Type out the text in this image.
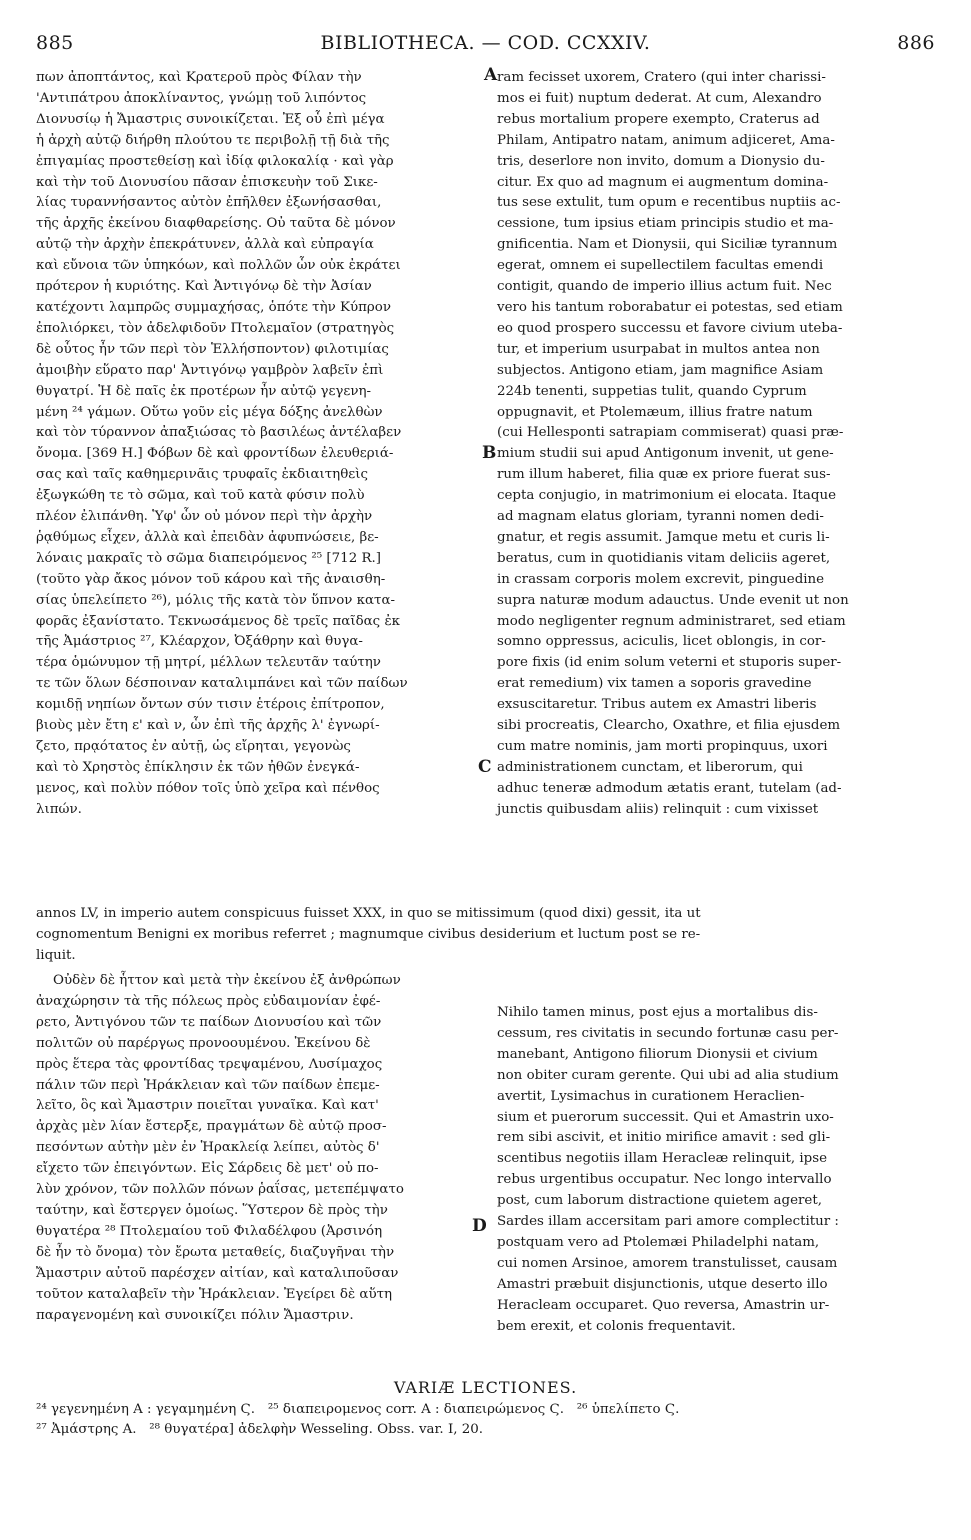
885	BIBLIOTHECA. — COD. CCXXIV.	886
πων ἀποπτάντος, καὶ Κρατεροῦ πρὸς Φίλαν τὴν
'Αντιπάτρου ἀποκλίναντος, γνώμῃ τοῦ λιπόντος
Διονυσίῳ ἡ Ἄμαστρις συνοικίζεται. Ἐξ οὗ ἐπὶ μέγα
ἡ ἀρχὴ αὐτῷ διήρθη πλούτου τε περιβολῇ τῇ διὰ τῆς
ἐπιγαμίας προστεθείσῃ καὶ ἰδίᾳ φιλοκαλίᾳ · καὶ γὰρ
καὶ τὴν τοῦ Διονυσίου πᾶσαν ἐπισκευὴν τοῦ Σικε-
λίας τυραννήσαντος αὐτὸν ἐπῆλθεν ἐξωνήσασθαι,
τῆς ἀρχῆς ἐκείνου διαφθαρείσης. Οὐ ταῦτα δὲ μόνον
αὐτῷ τὴν ἀρχὴν ἐπεκράτυνεν, ἀλλὰ καὶ εὐπραγία
καὶ εὔνοια τῶν ὑπηκόων, καὶ πολλῶν ὧν οὐκ ἐκράτει
πρότερον ἡ κυριότης. Καὶ Ἀντιγόνῳ δὲ τὴν Ἀσίαν
κατέχοντι λαμπρῶς συμμαχήσας, ὁπότε τὴν Κύπρον
ἐπολιόρκει, τὸν ἀδελφιδοῦν Πτολεμαῖον (στρατηγὸς
δὲ οὗτος ἦν τῶν περὶ τὸν Ἑλλήσποντον) φιλοτιμίας
ἀμοιβὴν εὕρατο παρ' Ἀντιγόνῳ γαμβρὸν λαβεῖν ἐπὶ
θυγατρί. Ἡ δὲ παῖς ἐκ προτέρων ἦν αὐτῷ γεγενη-
μένη ²⁴ γάμων. Οὕτω γοῦν εἰς μέγα δόξης ἀνελθὼν
καὶ τὸν τύραννον ἀπαξιώσας τὸ βασιλέως ἀντέλαβεν
ὄνομα. [369 H.] Φόβων δὲ καὶ φροντίδων ἐλευθεριά-
σας καὶ ταῖς καθημερινᾶις τρυφαῖς ἐκδιαιτηθεὶς
ἐξωγκώθη τε τὸ σῶμα, καὶ τοῦ κατὰ φύσιν πολὺ
πλέον ἐλιπάνθη. Ὑφ' ὧν οὐ μόνον περὶ τὴν ἀρχὴν
ῥᾳθύμως εἶχεν, ἀλλὰ καὶ ἐπειδὰν ἀφυπνώσειε, βε-
λόναις μακραῖς τὸ σῶμα διαπειρόμενος ²⁵ [712 R.]
(τοῦτο γὰρ ἄκος μόνον τοῦ κάρου καὶ τῆς ἀναισθη-
σίας ὑπελείπετο ²⁶), μόλις τῆς κατὰ τὸν ὕπνον κατα-
φορᾶς ἐξανίστατο. Τεκνωσάμενος δὲ τρεῖς παῖδας ἐκ
τῆς Ἀμάστριος ²⁷, Κλέαρχον, Ὀξάθρην καὶ θυγα-
τέρα ὁμώνυμον τῇ μητρί, μέλλων τελευτᾶν ταύτην
τε τῶν ὅλων δέσποιναν καταλιμπάνει καὶ τῶν παίδων
κομιδῇ νηπίων ὄντων σύν τισιν ἑτέροις ἐπίτροπον,
βιοὺς μὲν ἔτη ε' καὶ ν, ὧν ἐπὶ τῆς ἀρχῆς λ' ἐγνωρί-
ζετο, πρᾳότατος ἐν αὐτῇ, ὡς εἴρηται, γεγονὼς
καὶ τὸ Χρηστὸς ἐπίκλησιν ἐκ τῶν ἠθῶν ἐνεγκά-
μενος, καὶ πολὺν πόθον τοῖς ὑπὸ χεῖρα καὶ πένθος
λιπών.
ram fecisset uxorem, Cratero (qui inter charissi-
mos ei fuit) nuptum dederat. At cum, Alexandro
rebus mortalium propere exempto, Craterus ad
Philam, Antipatro natam, animum adjiceret, Ama-
tris, deserlore non invito, domum a Dionysio du-
citur. Ex quo ad magnum ei augmentum domina-
tus sese extulit, tum opum e recentibus nuptiis ac-
cessione, tum ipsius etiam principis studio et ma-
gnificentia. Nam et Dionysii, qui Siciliæ tyrannum
egerat, omnem ei supellectilem facultas emendi
contigit, quando de imperio illius actum fuit. Nec
vero his tantum roborabatur ei potestas, sed etiam
eo quod prospero successu et favore civium uteba-
tur, et imperium usurpabat in multos antea non
subjectos. Antigono etiam, jam magnifice Asiam
224b tenenti, suppetias tulit, quando Cyprum
oppugnavit, et Ptolemæum, illius fratre natum
(cui Hellesponti satrapiam commiserat) quasi præ-
mium studii sui apud Antigonum invenit, ut gene-
rum illum haberet, filia quæ ex priore fuerat sus-
cepta conjugio, in matrimonium ei elocata. Itaque
ad magnam elatus gloriam, tyranni nomen dedi-
gnatur, et regis assumit. Jamque metu et curis li-
beratus, cum in quotidianis vitam deliciis ageret,
in crassam corporis molem excrevit, pinguedine
supra naturæ modum adauctus. Unde evenit ut non
modo negligenter regnum administraret, sed etiam
somno oppressus, aciculis, licet oblongis, in cor-
pore fixis (id enim solum veterni et stuporis super-
erat remedium) vix tamen a soporis gravedine
exsuscitaretur. Tribus autem ex Amastri liberis
sibi procreatis, Clearcho, Oxathre, et filia ejusdem
cum matre nominis, jam morti propinquus, uxori
administrationem cunctam, et liberorum, qui
adhuc teneræ admodum ætatis erant, tutelam (ad-
junctis quibusdam aliis) relinquit : cum vixisset
A
B
C
D
annos LV, in imperio autem conspicuus fuisset XXX, in quo se mitissimum (quod dixi) gessit, ita ut
cognomentum Benigni ex moribus referret ; magnumque civibus desiderium et luctum post se re-
liquit.
Οὐδὲν δὲ ἧττον καὶ μετὰ τὴν ἐκείνου ἐξ ἀνθρώπων
ἀναχώρησιν τὰ τῆς πόλεως πρὸς εὐδαιμονίαν ἐφέ-
ρετο, Ἀντιγόνου τῶν τε παίδων Διονυσίου καὶ τῶν
πολιτῶν οὐ παρέργως προνοουμένου. Ἐκείνου δὲ
πρὸς ἕτερα τὰς φροντίδας τρεψαμένου, Λυσίμαχος
πάλιν τῶν περὶ Ἡράκλειαν καὶ τῶν παίδων ἐπεμε-
λεῖτο, ὃς καὶ Ἄμαστριν ποιεῖται γυναῖκα. Καὶ κατ'
ἀρχὰς μὲν λίαν ἔστερξε, πραγμάτων δὲ αὐτῷ προσ-
πεσόντων αὐτὴν μὲν ἐν Ἡρακλείᾳ λείπει, αὐτὸς δ'
εἴχετο τῶν ἐπειγόντων. Εἰς Σάρδεις δὲ μετ' οὐ πο-
λὺν χρόνον, τῶν πολλῶν πόνων ῥαΐσας, μετεπέμψατο
ταύτην, καὶ ἔστεργεν ὁμοίως. Ὕστερον δὲ πρὸς τὴν
θυγατέρα ²⁸ Πτολεμαίου τοῦ Φιλαδέλφου (Ἀρσινόη
δὲ ἦν τὸ ὄνομα) τὸν ἔρωτα μεταθείς, διαζυγῆναι τὴν
Ἄμαστριν αὐτοῦ παρέσχεν αἰτίαν, καὶ καταλιποῦσαν
τοῦτον καταλαβεῖν τὴν Ἡράκλειαν. Ἐγείρει δὲ αὕτη
παραγενομένη καὶ συνοικίζει πόλιν Ἄμαστριν.
Nihilo tamen minus, post ejus a mortalibus dis-
cessum, res civitatis in secundo fortunæ casu per-
manebant, Antigono filiorum Dionysii et civium
non obiter curam gerente. Qui ubi ad alia studium
avertit, Lysimachus in curationem Heraclien-
sium et puerorum successit. Qui et Amastrin uxo-
rem sibi ascivit, et initio mirifice amavit : sed gli-
scentibus negotiis illam Heracleæ relinquit, ipse
rebus urgentibus occupatur. Nec longo intervallo
post, cum laborum distractione quietem ageret,
Sardes illam accersitam pari amore complectitur :
postquam vero ad Ptolemæi Philadelphi natam,
cui nomen Arsinoe, amorem transtulisset, causam
Amastri præbuit disjunctionis, utque deserto illo
Heracleam occuparet. Quo reversa, Amastrin ur-
bem erexit, et colonis frequentavit.
VARIÆ LECTIONES.
²⁴ γεγενημένη A : γεγαμημένη Ϛ.   ²⁵ διαπειρομενος corr. A : διαπειρώμενος Ϛ.   ²⁶ ὑπελίπετο Ϛ.
²⁷ Ἀμάστρης A.   ²⁸ θυγατέρα] ἀδελφὴν Wesseling. Obss. var. I, 20.
